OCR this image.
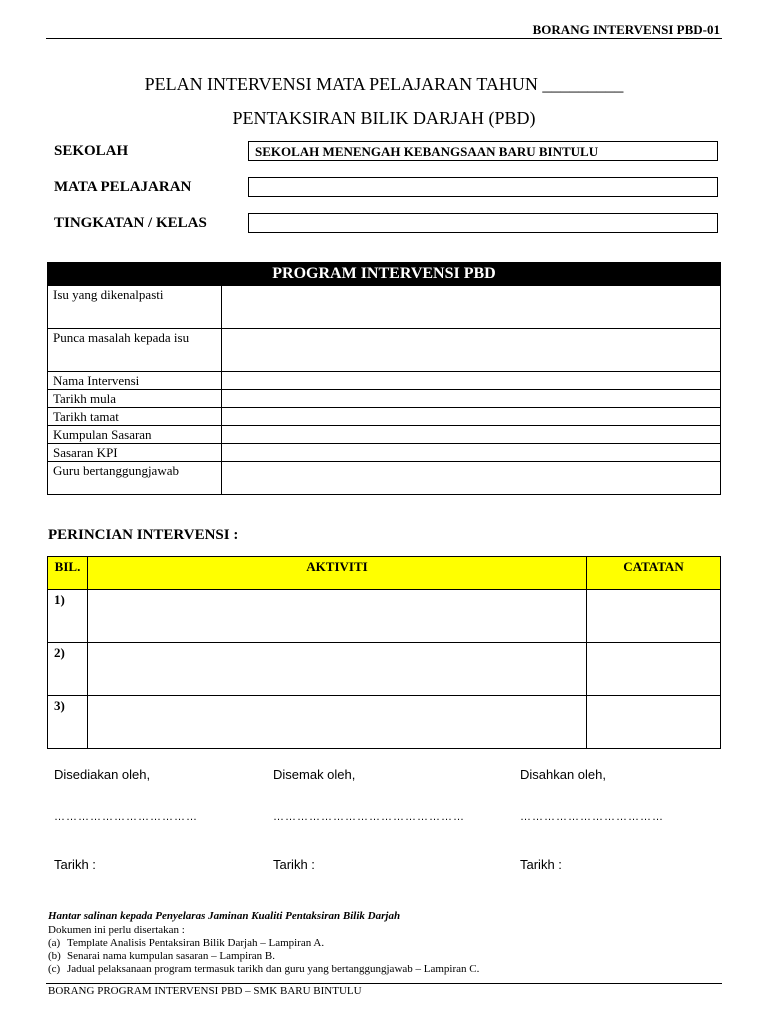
BORANG INTERVENSI PBD-01
PELAN INTERVENSI MATA PELAJARAN TAHUN _________
PENTAKSIRAN BILIK DARJAH (PBD)
SEKOLAH	SEKOLAH MENENGAH KEBANGSAAN BARU BINTULU
MATA PELAJARAN
TINGKATAN / KELAS
PROGRAM INTERVENSI PBD	
Isu yang dikenalpasti	
Punca masalah kepada isu	
Nama Intervensi	
Tarikh mula	
Tarikh tamat	
Kumpulan Sasaran	
Sasaran KPI	
Guru bertanggungjawab	
PERINCIAN INTERVENSI :
BIL.	AKTIVITI	CATATAN
1)		
2)		
3)		
Disediakan oleh,
………………………………
Tarikh :
Disemak oleh,
…………………………………………
Tarikh :
Disahkan oleh,
………………………………
Tarikh :
Hantar salinan kepada Penyelaras Jaminan Kualiti Pentaksiran Bilik Darjah
Dokumen ini perlu disertakan :
(a) Template Analisis Pentaksiran Bilik Darjah – Lampiran A.
(b) Senarai nama kumpulan sasaran – Lampiran B.
(c) Jadual pelaksanaan program termasuk tarikh dan guru yang bertanggungjawab – Lampiran C.
BORANG PROGRAM INTERVENSI PBD – SMK BARU BINTULU
